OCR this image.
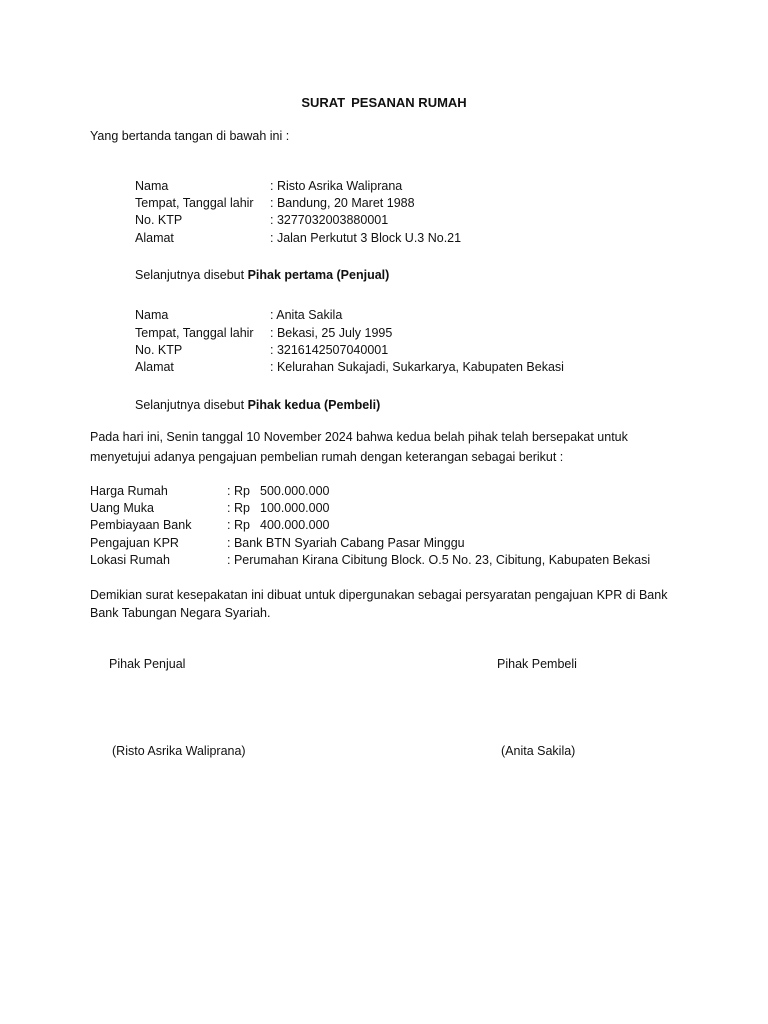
SURAT PESANAN RUMAH
Yang bertanda tangan di bawah ini :
Nama	: Risto Asrika Waliprana
Tempat, Tanggal lahir : Bandung, 20 Maret 1988
No. KTP	: 3277032003880001
Alamat	: Jalan Perkutut 3 Block U.3 No.21
Selanjutnya disebut Pihak pertama (Penjual)
Nama	: Anita Sakila
Tempat, Tanggal lahir : Bekasi, 25 July 1995
No. KTP	: 3216142507040001
Alamat	: Kelurahan Sukajadi, Sukarkarya, Kabupaten Bekasi
Selanjutnya disebut Pihak kedua (Pembeli)
Pada hari ini, Senin tanggal 10 November 2024 bahwa kedua belah pihak telah bersepakat untuk
menyetujui adanya pengajuan pembelian rumah dengan keterangan sebagai berikut :
Harga Rumah	: Rp 500.000.000
Uang Muka	: Rp 100.000.000
Pembiayaan Bank	: Rp 400.000.000
Pengajuan KPR	: Bank BTN Syariah Cabang Pasar Minggu
Lokasi Rumah	: Perumahan Kirana Cibitung Block. O.5 No. 23, Cibitung, Kabupaten Bekasi
Demikian surat kesepakatan ini dibuat untuk dipergunakan sebagai persyaratan pengajuan KPR di Bank
Bank Tabungan Negara Syariah.
Pihak Penjual	Pihak Pembeli
(Risto Asrika Waliprana)	(Anita Sakila)
